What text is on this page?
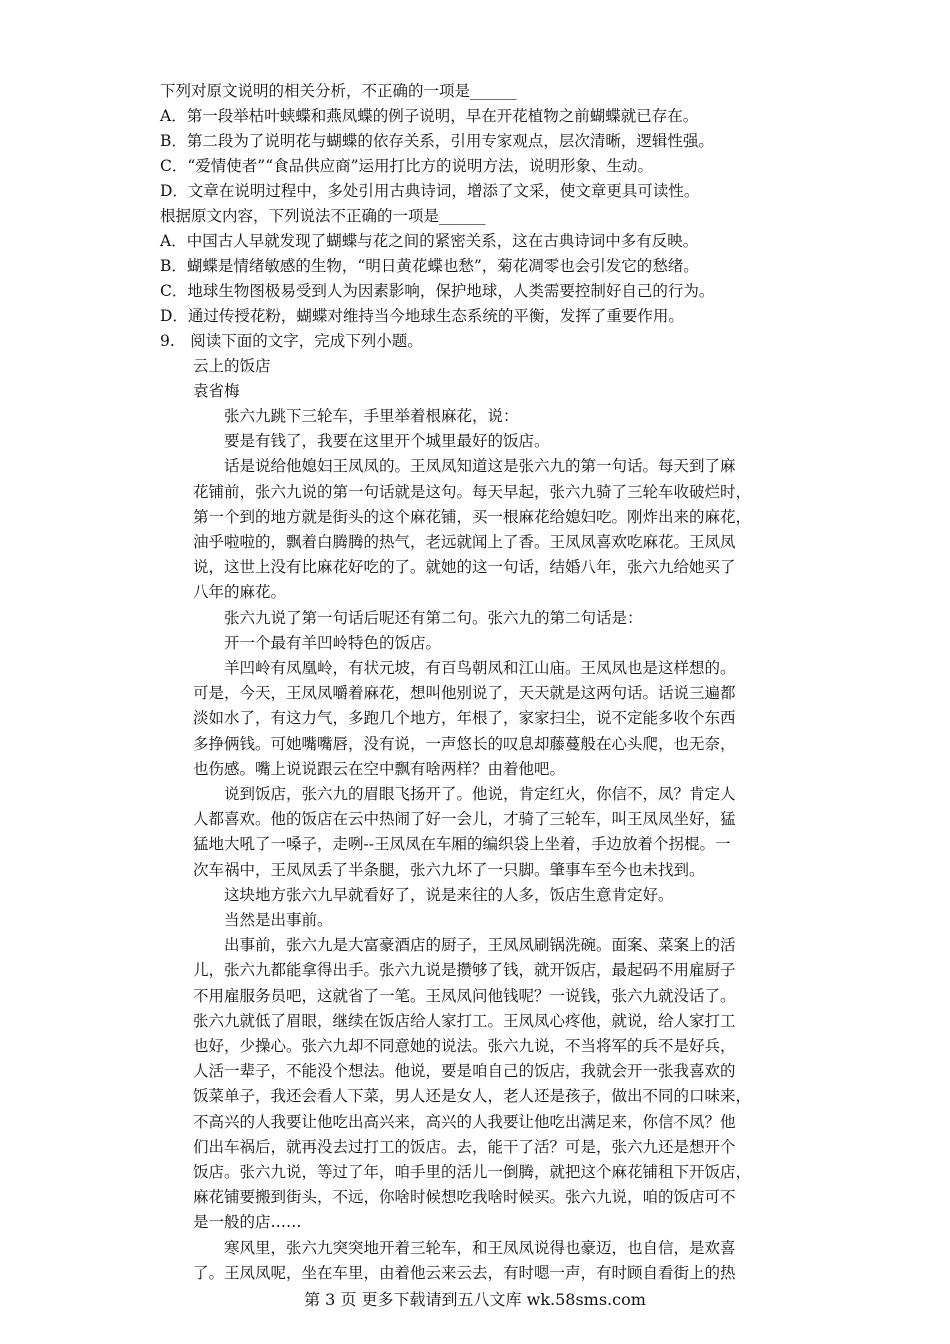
下列对原文说明的相关分析，不正确的一项是______
A．第一段举枯叶蛱蝶和燕凤蝶的例子说明，早在开花植物之前蝴蝶就已存在。
B．第二段为了说明花与蝴蝶的依存关系，引用专家观点，层次清晰，逻辑性强。
C．“爱情使者”“食品供应商”运用打比方的说明方法，说明形象、生动。
D．文章在说明过程中，多处引用古典诗词，增添了文采，使文章更具可读性。
根据原文内容，下列说法不正确的一项是______
A．中国古人早就发现了蝴蝶与花之间的紧密关系，这在古典诗词中多有反映。
B．蝴蝶是情绪敏感的生物，“明日黄花蝶也愁”，菊花凋零也会引发它的愁绪。
C．地球生物图极易受到人为因素影响，保护地球，人类需要控制好自己的行为。
D．通过传授花粉，蝴蝶对维持当今地球生态系统的平衡，发挥了重要作用。
9.　阅读下面的文字，完成下列小题。
云上的饭店
袁省梅
　　张六九跳下三轮车，手里举着根麻花，说：
　　要是有钱了，我要在这里开个城里最好的饭店。
　　话是说给他媳妇王凤凤的。王凤凤知道这是张六九的第一句话。每天到了麻
花铺前，张六九说的第一句话就是这句。每天早起，张六九骑了三轮车收破烂时，
第一个到的地方就是街头的这个麻花铺，买一根麻花给媳妇吃。刚炸出来的麻花，
油乎啦啦的，飘着白腾腾的热气，老远就闻上了香。王凤凤喜欢吃麻花。王凤凤
说，这世上没有比麻花好吃的了。就她的这一句话，结婚八年，张六九给她买了
八年的麻花。
　　张六九说了第一句话后呢还有第二句。张六九的第二句话是：
　　开一个最有羊凹岭特色的饭店。
　　羊凹岭有凤凰岭，有状元坡，有百鸟朝凤和江山庙。王凤凤也是这样想的。
可是，今天，王凤凤嚼着麻花，想叫他别说了，天天就是这两句话。话说三遍都
淡如水了，有这力气，多跑几个地方，年根了，家家扫尘，说不定能多收个东西
多挣俩钱。可她嘴嘴唇，没有说，一声悠长的叹息却藤蔓般在心头爬，也无奈，
也伤感。嘴上说说跟云在空中飘有啥两样？由着他吧。
　　说到饭店，张六九的眉眼飞扬开了。他说，肯定红火，你信不，凤？肯定人
人都喜欢。他的饭店在云中热闹了好一会儿，才骑了三轮车，叫王凤凤坐好，猛
猛地大吼了一嗓子，走咧--王凤凤在车厢的编织袋上坐着，手边放着个拐棍。一
次车祸中，王凤凤丢了半条腿，张六九坏了一只脚。肇事车至今也未找到。
　　这块地方张六九早就看好了，说是来往的人多，饭店生意肯定好。
　　当然是出事前。
　　出事前，张六九是大富豪酒店的厨子，王凤凤刷锅洗碗。面案、菜案上的活
儿，张六九都能拿得出手。张六九说是攒够了钱，就开饭店，最起码不用雇厨子
不用雇服务员吧，这就省了一笔。王凤凤问他钱呢？一说钱，张六九就没话了。
张六九就低了眉眼，继续在饭店给人家打工。王凤凤心疼他，就说，给人家打工
也好，少操心。张六九却不同意她的说法。张六九说，不当将军的兵不是好兵，
人活一辈子，不能没个想法。他说，要是咱自己的饭店，我就会开一张我喜欢的
饭菜单子，我还会看人下菜，男人还是女人，老人还是孩子，做出不同的口味来，
不高兴的人我要让他吃出高兴来，高兴的人我要让他吃出满足来，你信不凤？他
们出车祸后，就再没去过打工的饭店。去，能干了活？可是，张六九还是想开个
饭店。张六九说，等过了年，咱手里的活儿一倒腾，就把这个麻花铺租下开饭店，
麻花铺要搬到街头，不远，你啥时候想吃我啥时候买。张六九说，咱的饭店可不
是一般的店……
　　寒风里，张六九突突地开着三轮车，和王凤凤说得也豪迈，也自信，是欢喜
了。王凤凤呢，坐在车里，由着他云来云去，有时嗯一声，有时顾自看街上的热
第 3 页 更多下载请到五八文库 wk.58sms.com
